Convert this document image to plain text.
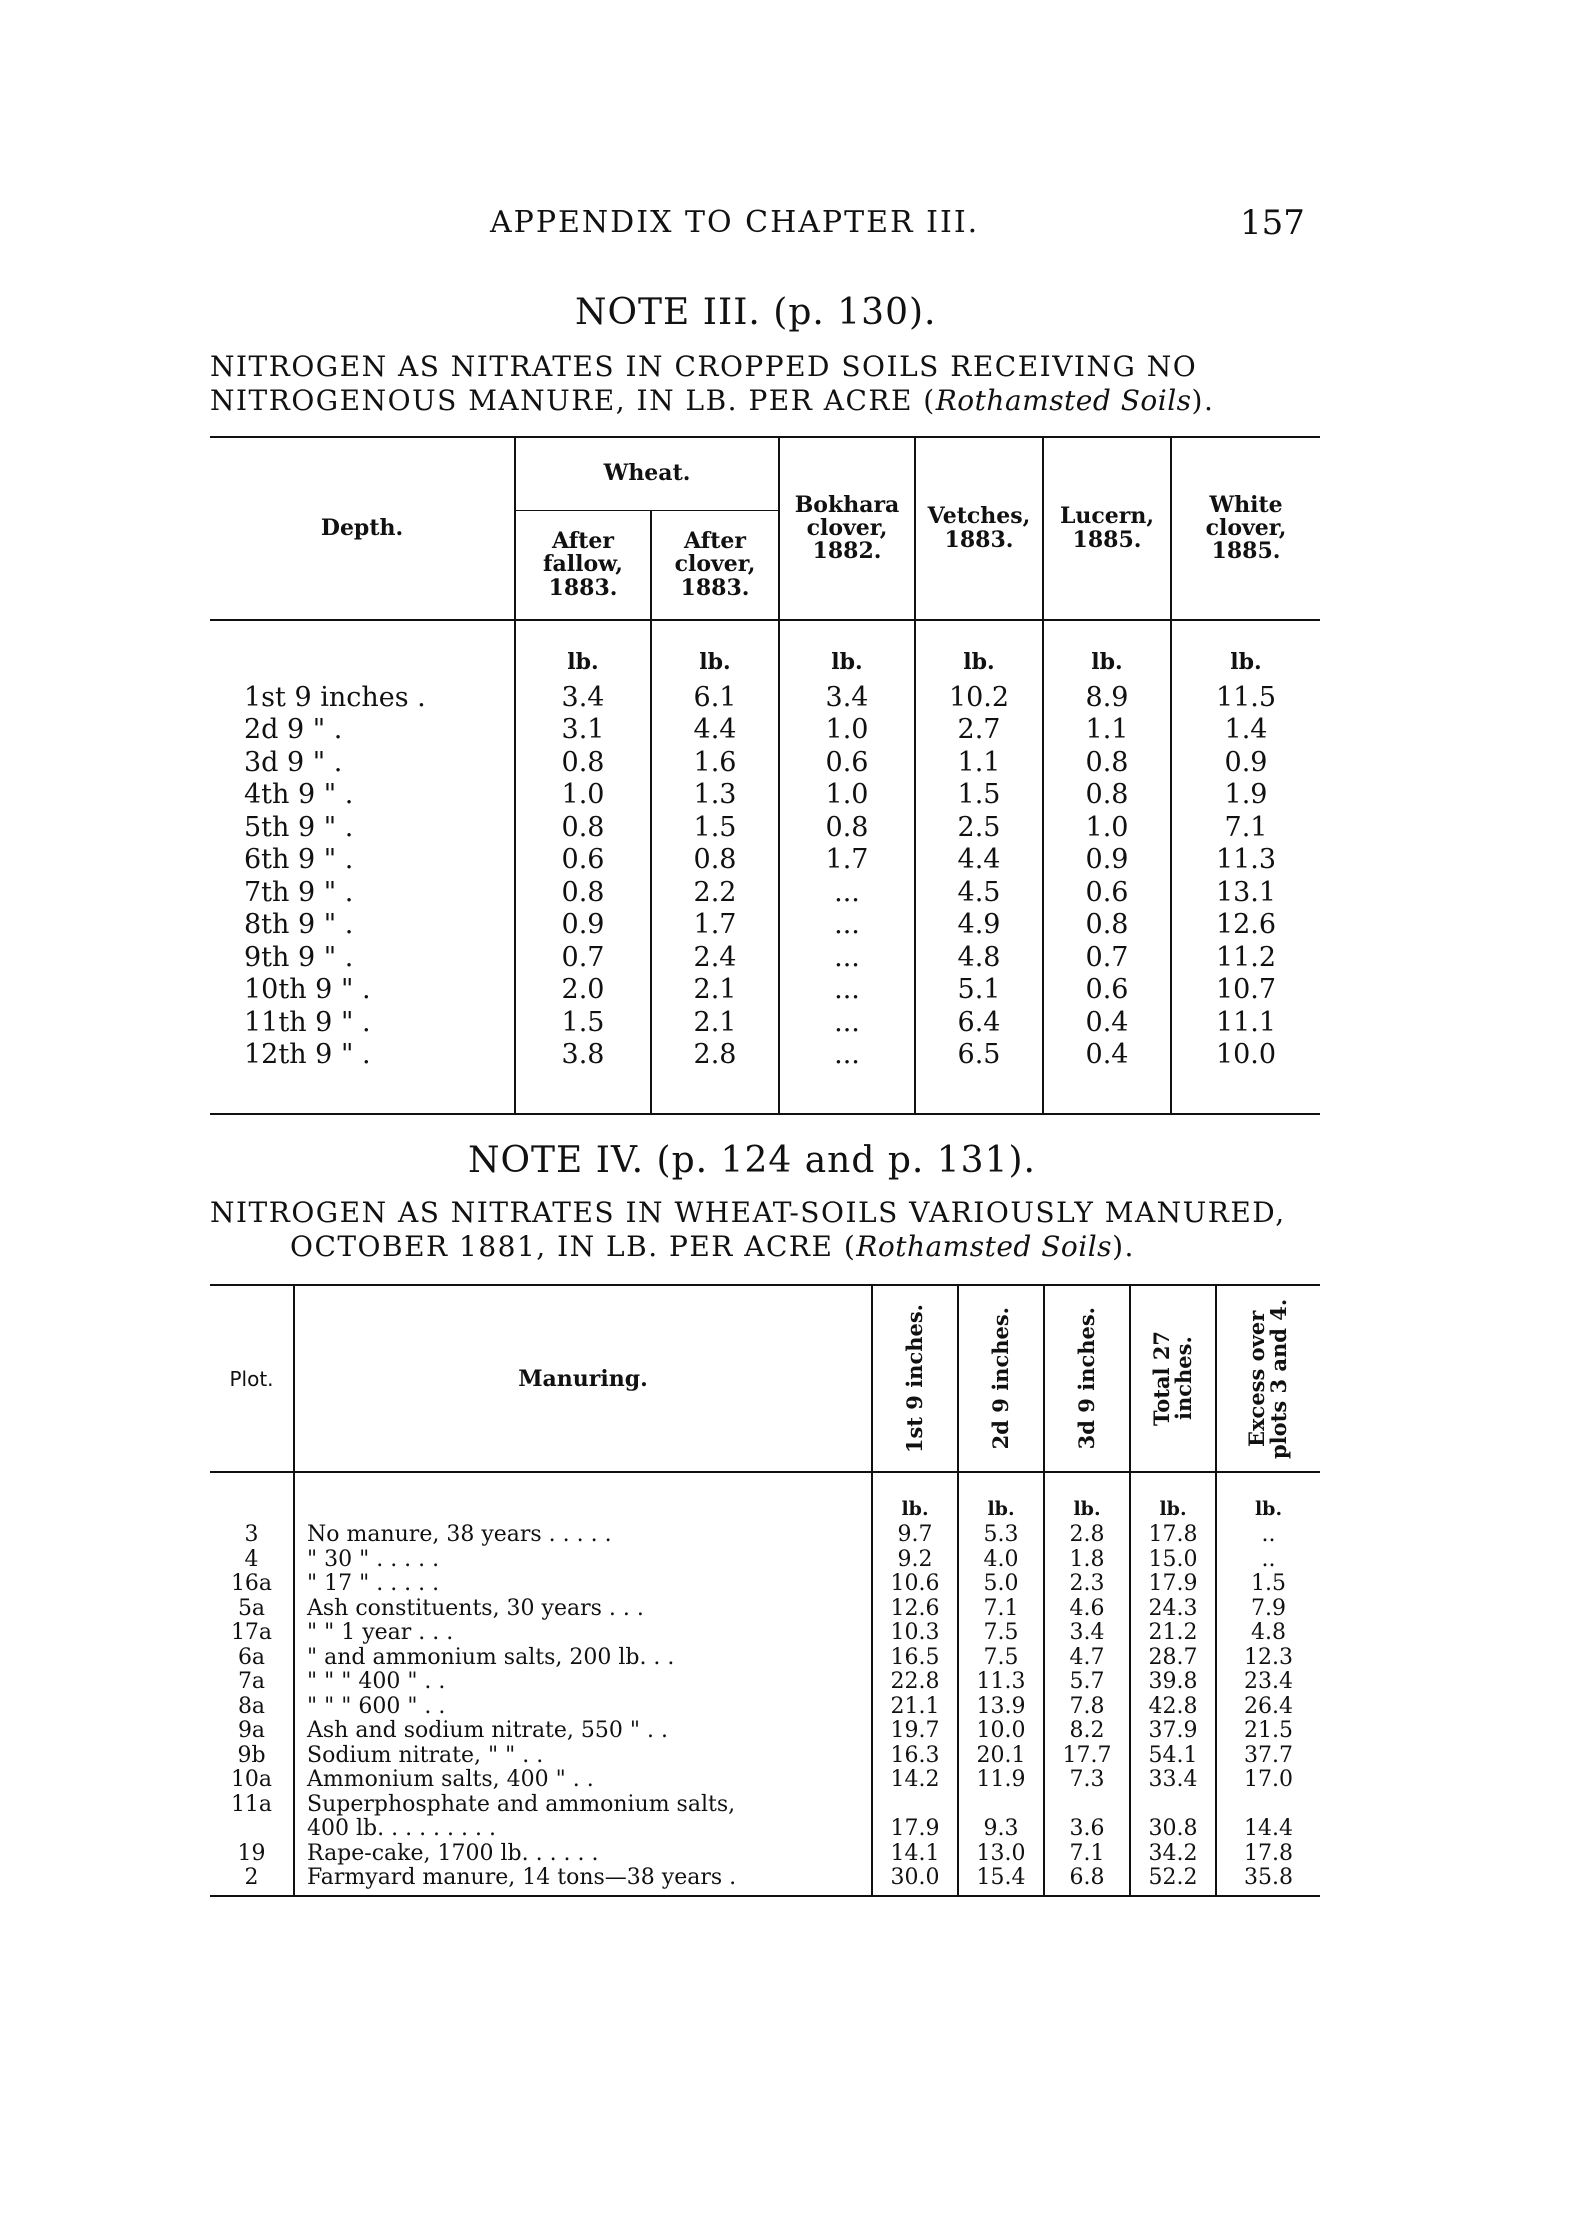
APPENDIX TO CHAPTER III.	157
NOTE III. (p. 130).
NITROGEN AS NITRATES IN CROPPED SOILS RECEIVING NO
NITROGENOUS MANURE, IN LB. PER ACRE (Rothamsted Soils).
Depth.	Wheat.		Bokhara clover, 1882.	Vetches, 1883.	Lucern, 1885.	White clover, 1885.
	After fallow, 1883.	After clover, 1883.				
	lb.	lb.	lb.	lb.	lb.	lb.
1st 9 inches .	3.4	6.1	3.4	10.2	8.9	11.5
2d 9 " .	3.1	4.4	1.0	2.7	1.1	1.4
3d 9 " .	0.8	1.6	0.6	1.1	0.8	0.9
4th 9 " .	1.0	1.3	1.0	1.5	0.8	1.9
5th 9 " .	0.8	1.5	0.8	2.5	1.0	7.1
6th 9 " .	0.6	0.8	1.7	4.4	0.9	11.3
7th 9 " .	0.8	2.2	...	4.5	0.6	13.1
8th 9 " .	0.9	1.7	...	4.9	0.8	12.6
9th 9 " .	0.7	2.4	...	4.8	0.7	11.2
10th 9 " .	2.0	2.1	...	5.1	0.6	10.7
11th 9 " .	1.5	2.1	...	6.4	0.4	11.1
12th 9 " .	3.8	2.8	...	6.5	0.4	10.0

NOTE IV. (p. 124 and p. 131).
NITROGEN AS NITRATES IN WHEAT-SOILS VARIOUSLY MANURED,
OCTOBER 1881, IN LB. PER ACRE (Rothamsted Soils).
Plot.	Manuring.	1st 9 inches.	2d 9 inches.	3d 9 inches.	Total 27 inches.	Excess over plots 3 and 4.

		lb.	lb.	lb.	lb.	lb.
3	No manure, 38 years . . . . .	9.7	5.3	2.8	17.8	..
4	" 30 " . . . . .	9.2	4.0	1.8	15.0	..
16a	" 17 " . . . . .	10.6	5.0	2.3	17.9	1.5
5a	Ash constituents, 30 years . . .	12.6	7.1	4.6	24.3	7.9
17a	" " 1 year . . .	10.3	7.5	3.4	21.2	4.8
6a	" and ammonium salts, 200 lb. . .	16.5	7.5	4.7	28.7	12.3
7a	" " " 400 " . .	22.8	11.3	5.7	39.8	23.4
8a	" " " 600 " . .	21.1	13.9	7.8	42.8	26.4
9a	Ash and sodium nitrate, 550 " . .	19.7	10.0	8.2	37.9	21.5
9b	Sodium nitrate, " " . .	16.3	20.1	17.7	54.1	37.7
10a	Ammonium salts, 400 " . .	14.2	11.9	7.3	33.4	17.0
11a	Superphosphate and ammonium salts,					
	400 lb. . . . . . . . .	17.9	9.3	3.6	30.8	14.4
19	Rape-cake, 1700 lb. . . . . .	14.1	13.0	7.1	34.2	17.8
2	Farmyard manure, 14 tons—38 years .	30.0	15.4	6.8	52.2	35.8
